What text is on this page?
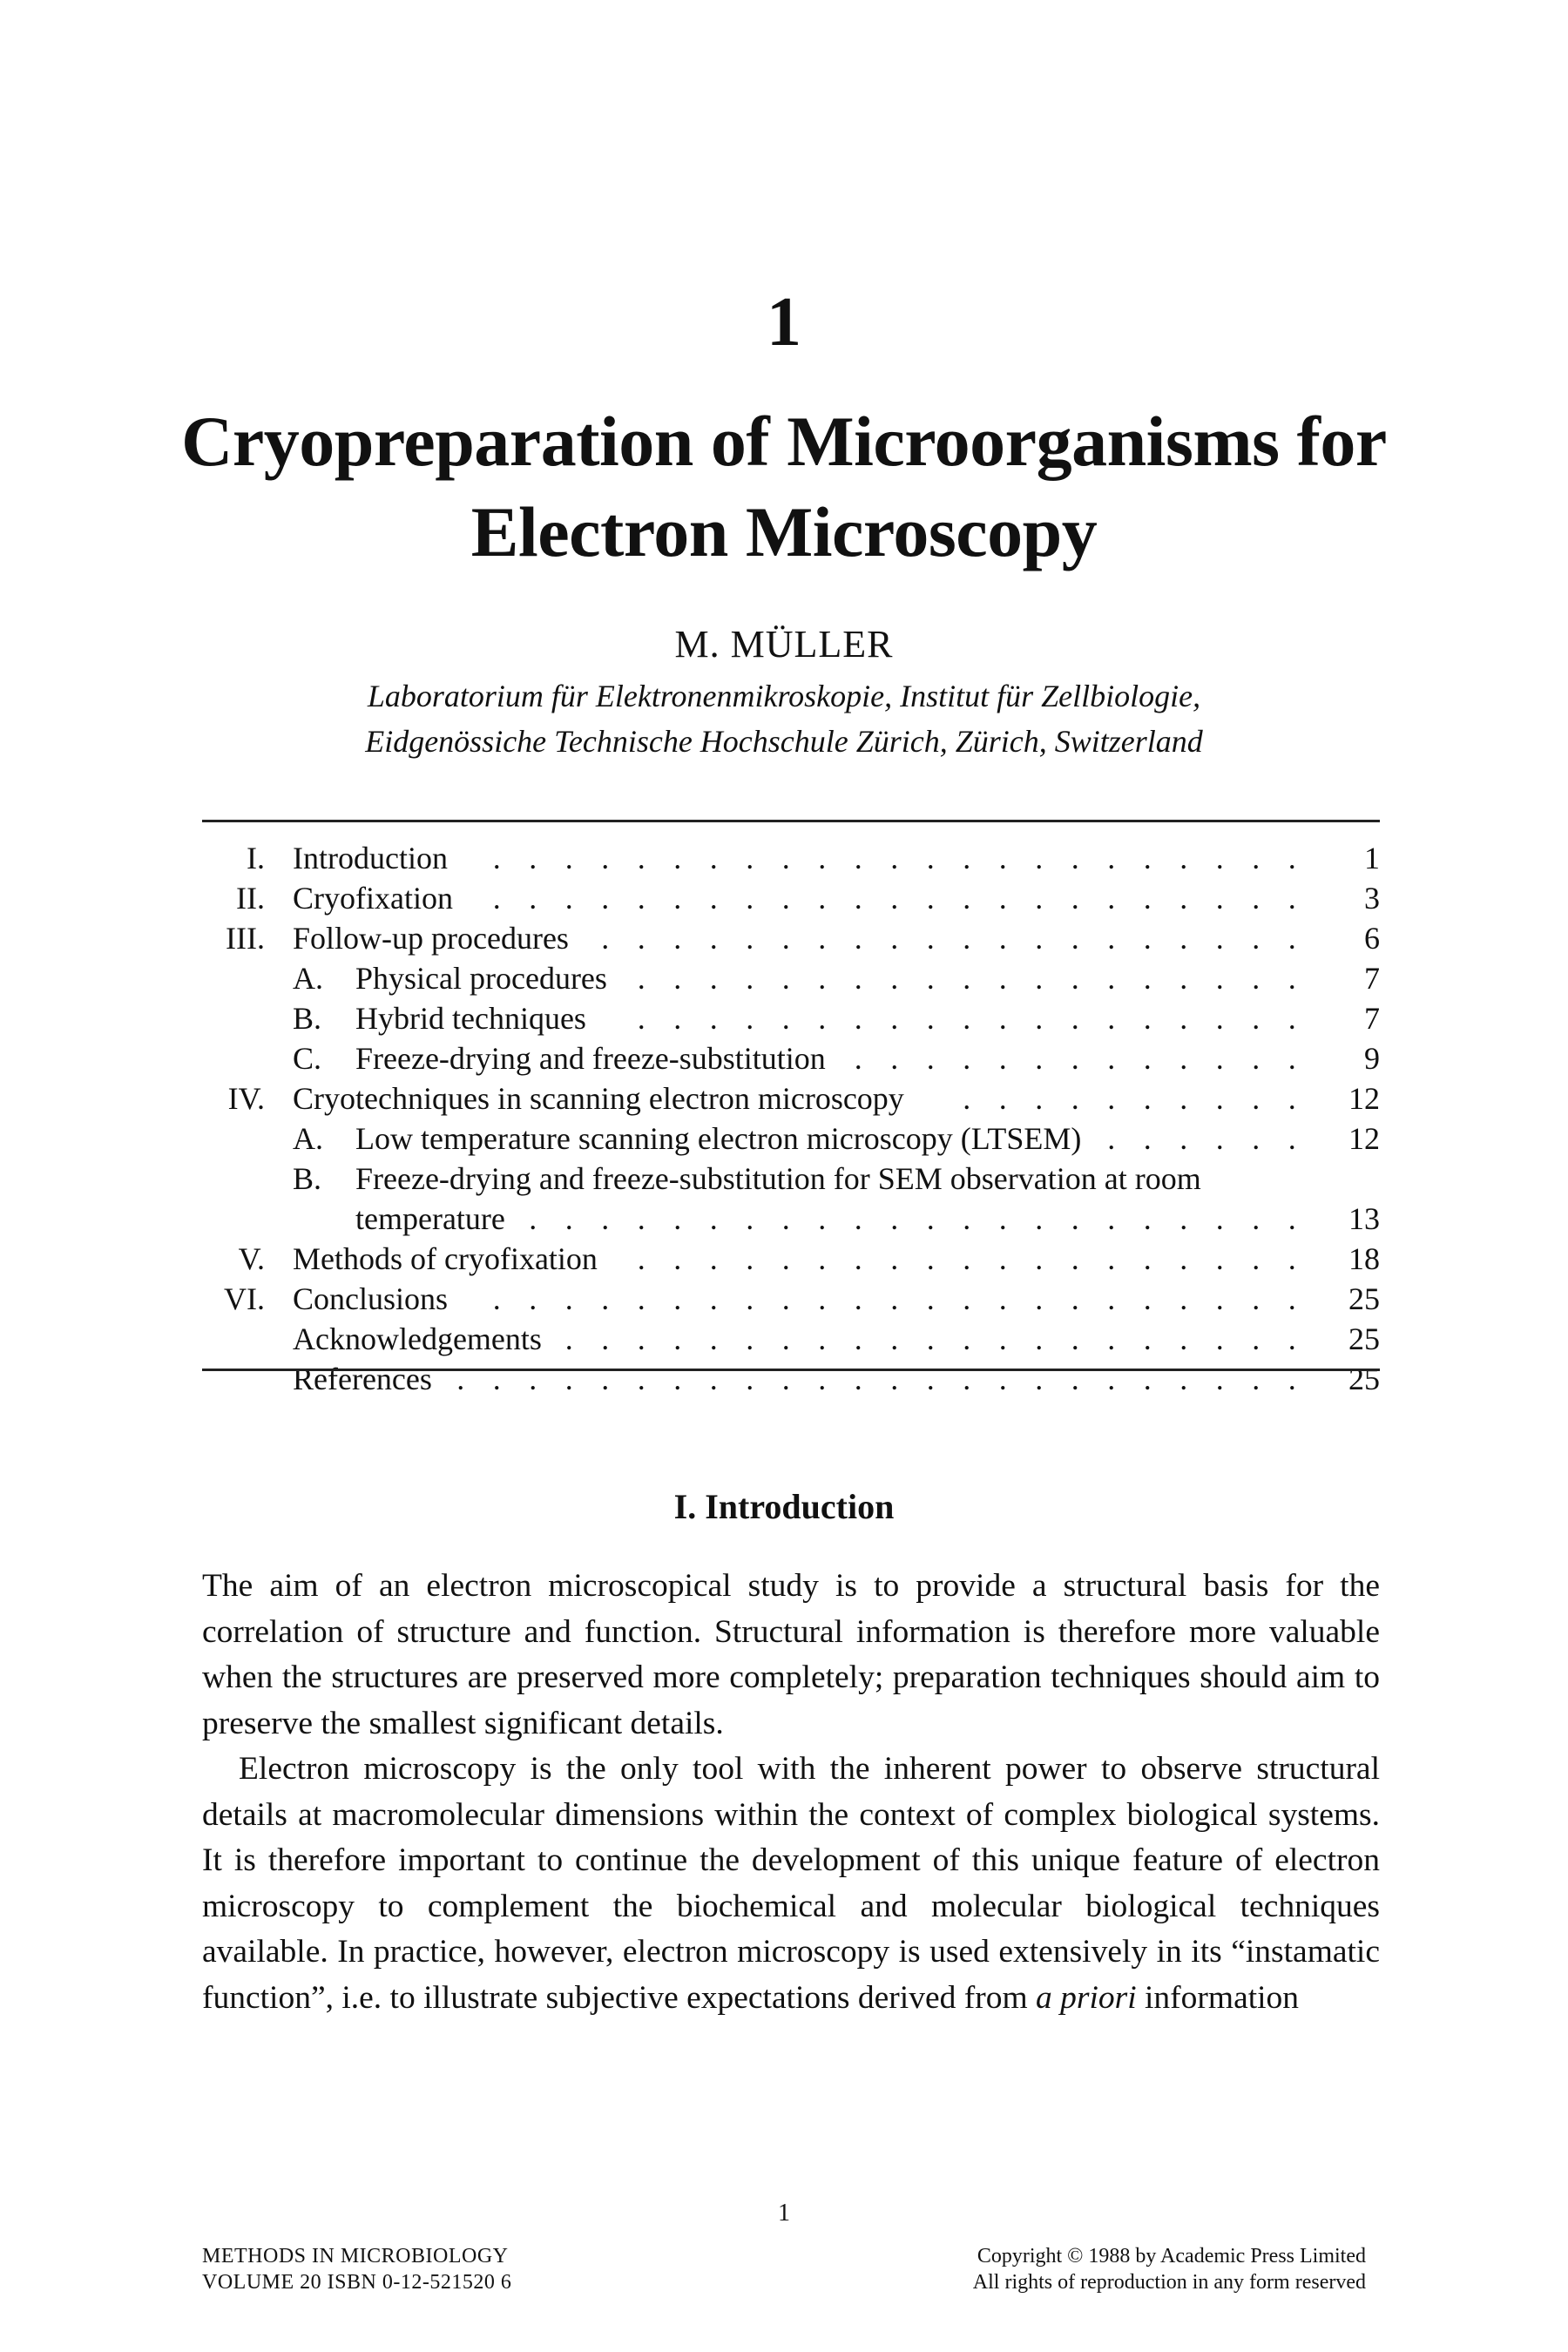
1
Cryopreparation of Microorganisms for
Electron Microscopy
M. MÜLLER
Laboratorium für Elektronenmikroskopie, Institut für Zellbiologie,
Eidgenössiche Technische Hochschule Zürich, Zürich, Switzerland
I. Introduction	. . . . . . . . . . . . . . . . . . . . . . .	1
II. Cryofixation	. . . . . . . . . . . . . . . . . . . . . . .	3
III. Follow-up procedures	. . . . . . . . . . . . . . . . . . . .	6
A. Physical procedures . . . . . . . . . . . . . . . . . . .	7
B. Hybrid techniques	. . . . . . . . . . . . . . . . . . .	7
C. Freeze-drying and freeze-substitution . . . . . . . . . . . . .	9
IV. Cryotechniques in scanning electron microscopy	. . . . . . . . . .	12
A. Low temperature scanning electron microscopy (LTSEM) . . . . . .	12
B. Freeze-drying and freeze-substitution for SEM observation at room
temperature . . . . . . . . . . . . . . . . . . . . . .	13
V. Methods of cryofixation	. . . . . . . . . . . . . . . . . . .	18
VI. Conclusions	. . . . . . . . . . . . . . . . . . . . . . .	25
Acknowledgements . . . . . . . . . . . . . . . . . . . . .	25
References . . . . . . . . . . . . . . . . . . . . . . . .	25
I. Introduction

The aim of an electron microscopical study is to provide a structural basis for the correlation of structure and function. Structural information is therefore more valuable when the structures are preserved more completely; preparation techniques should aim to preserve the smallest significant details.

Electron microscopy is the only tool with the inherent power to observe structural details at macromolecular dimensions within the context of complex biological systems. It is therefore important to continue the development of this unique feature of electron microscopy to complement the biochemical and molecular biological techniques available. In practice, however, electron microscopy is used extensively in its “instamatic function”, i.e. to illustrate subjective expectations derived from a priori information

1
METHODS IN MICROBIOLOGY
VOLUME 20 ISBN 0-12-521520 6
Copyright © 1988 by Academic Press Limited
All rights of reproduction in any form reserved
